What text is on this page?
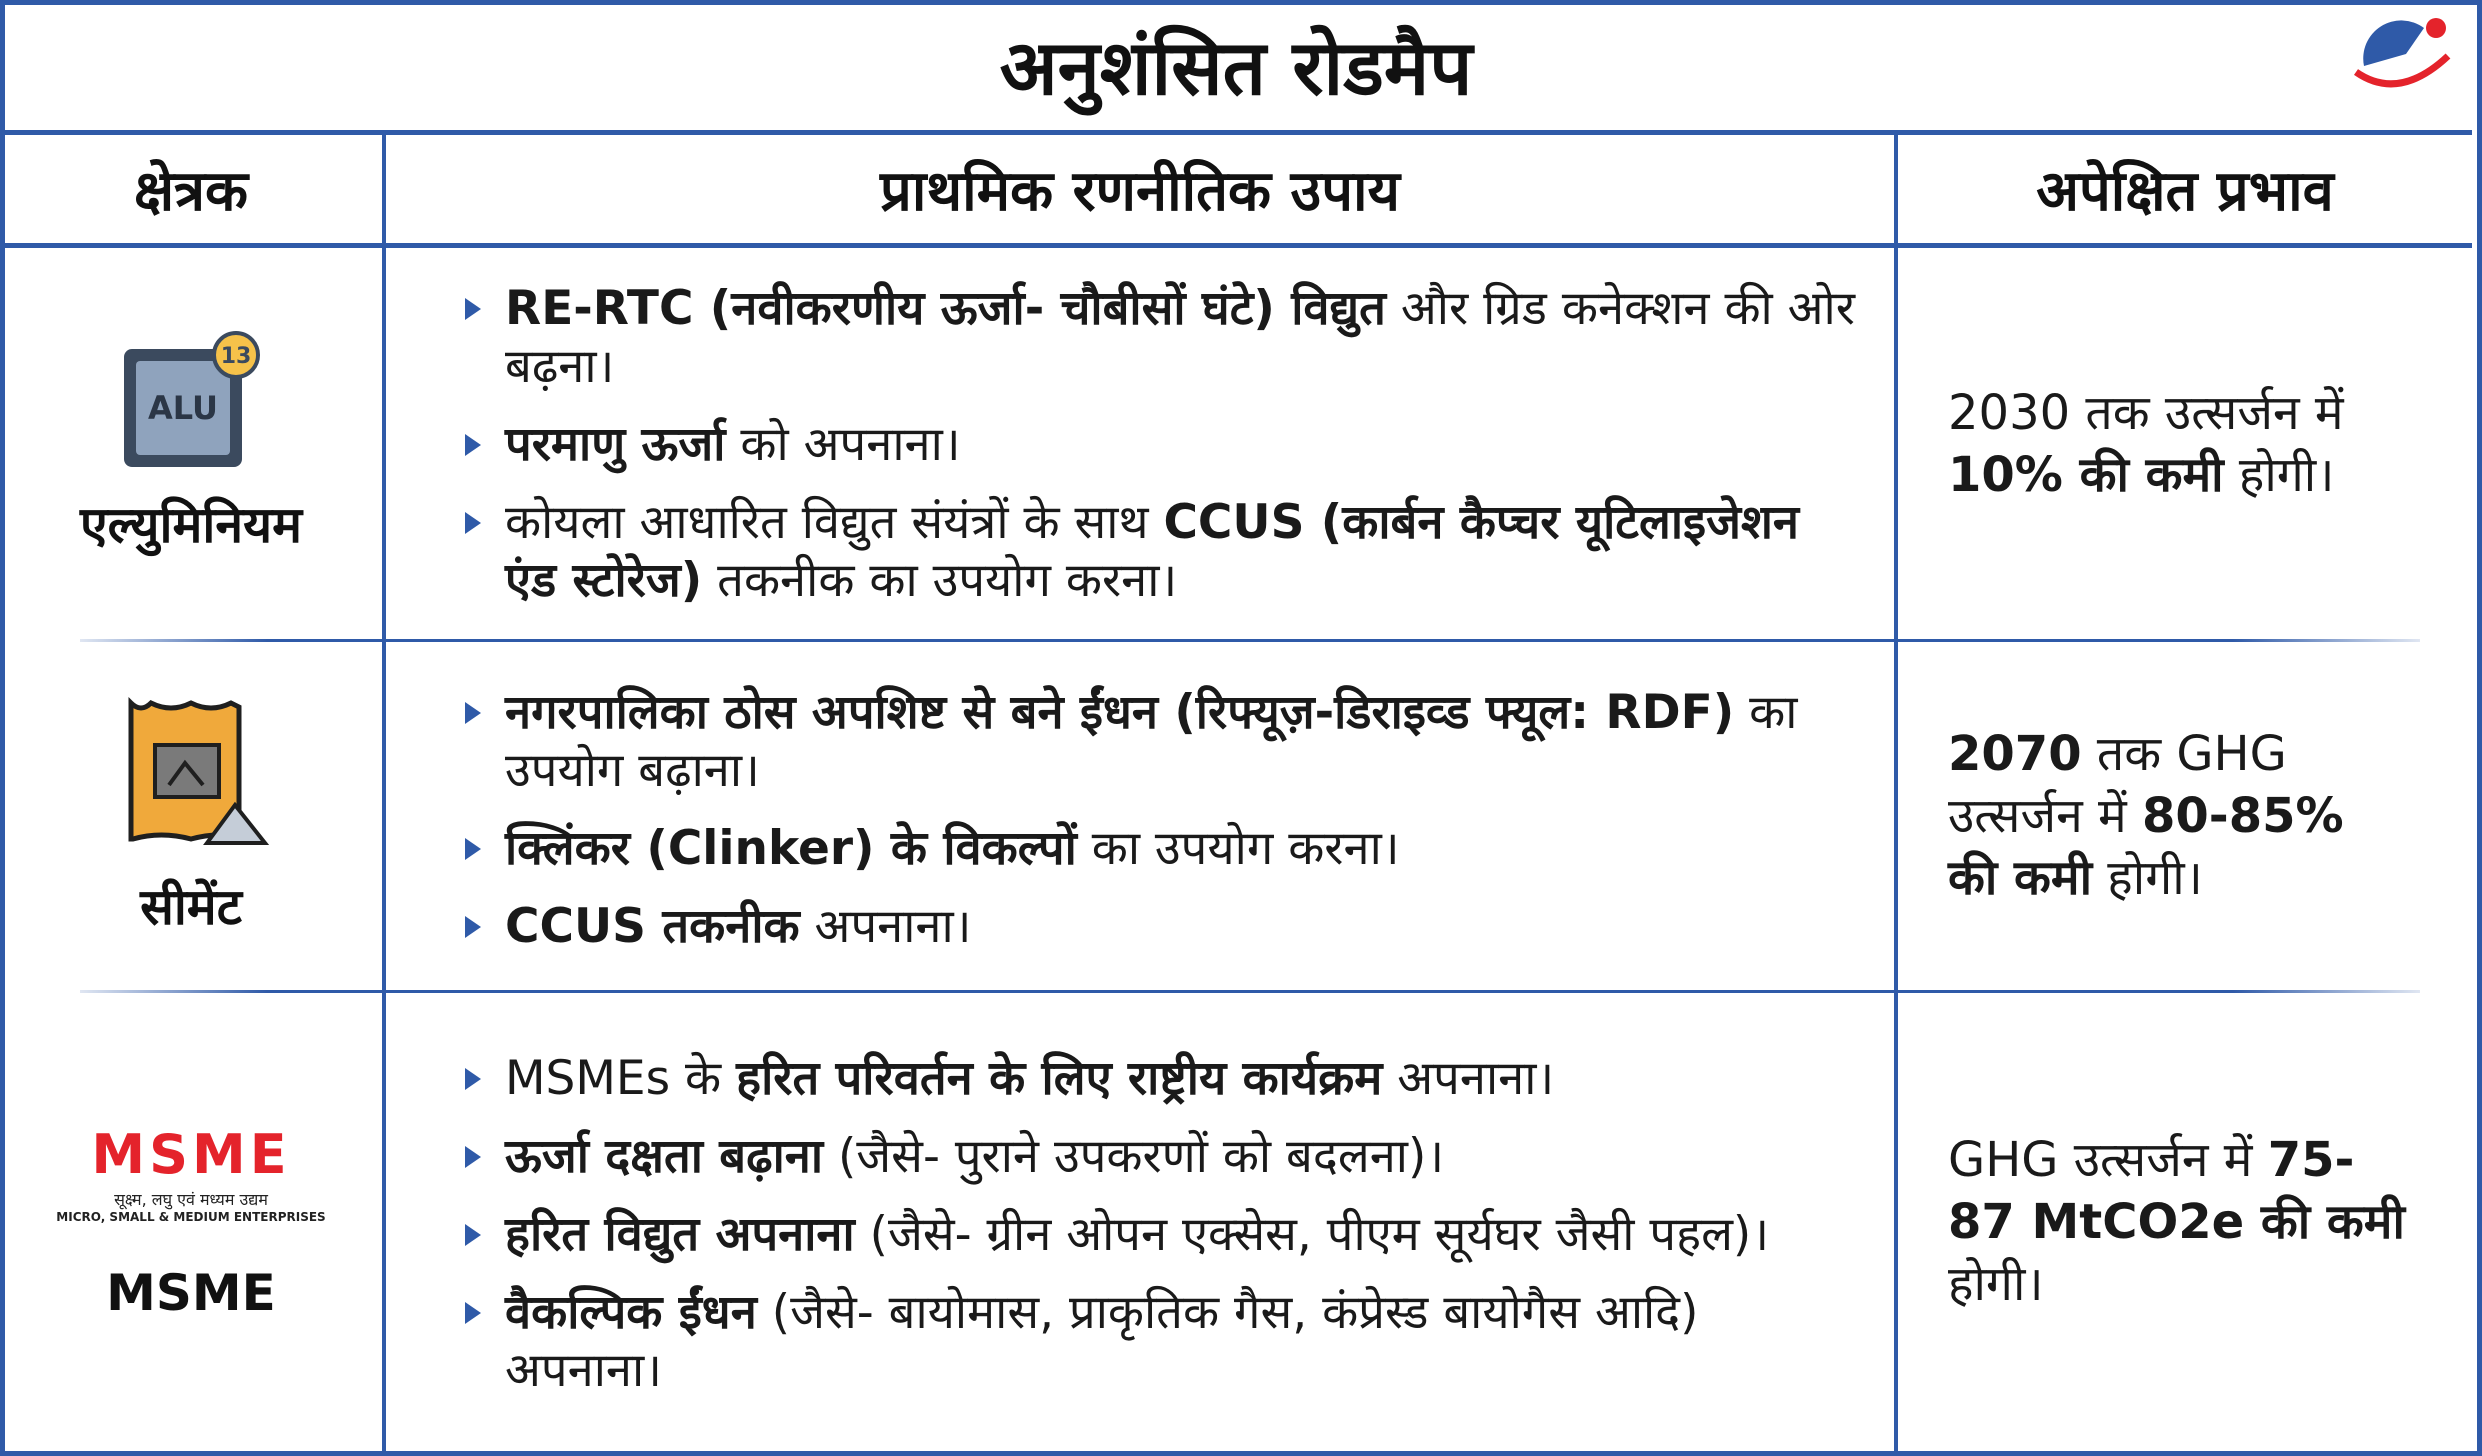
अनुशंसित रोडमैप
क्षेत्रक	प्राथमिक रणनीतिक उपाय	अपेक्षित प्रभाव
ALU
13
एल्युमिनियम
RE-RTC (नवीकरणीय ऊर्जा- चौबीसों घंटे) विद्युत और ग्रिड कनेक्शन की ओर बढ़ना।
परमाणु ऊर्जा को अपनाना।
कोयला आधारित विद्युत संयंत्रों के साथ CCUS (कार्बन कैप्चर यूटिलाइजेशन एंड स्टोरेज) तकनीक का उपयोग करना।
2030 तक उत्सर्जन में 10% की कमी होगी।
सीमेंट
नगरपालिका ठोस अपशिष्ट से बने ईंधन (रिफ्यूज़-डिराइव्ड फ्यूल: RDF) का उपयोग बढ़ाना।
क्लिंकर (Clinker) के विकल्पों का उपयोग करना।
CCUS तकनीक अपनाना।
2070 तक GHG उत्सर्जन में 80-85% की कमी होगी।
MSME
सूक्ष्म, लघु एवं मध्यम उद्यम
MICRO, SMALL & MEDIUM ENTERPRISES
MSME
MSMEs के हरित परिवर्तन के लिए राष्ट्रीय कार्यक्रम अपनाना।
ऊर्जा दक्षता बढ़ाना (जैसे- पुराने उपकरणों को बदलना)।
हरित विद्युत अपनाना (जैसे- ग्रीन ओपन एक्सेस, पीएम सूर्यघर जैसी पहल)।
वैकल्पिक ईंधन (जैसे- बायोमास, प्राकृतिक गैस, कंप्रेस्ड बायोगैस आदि) अपनाना।
GHG उत्सर्जन में 75-87 MtCO2e की कमी होगी।
